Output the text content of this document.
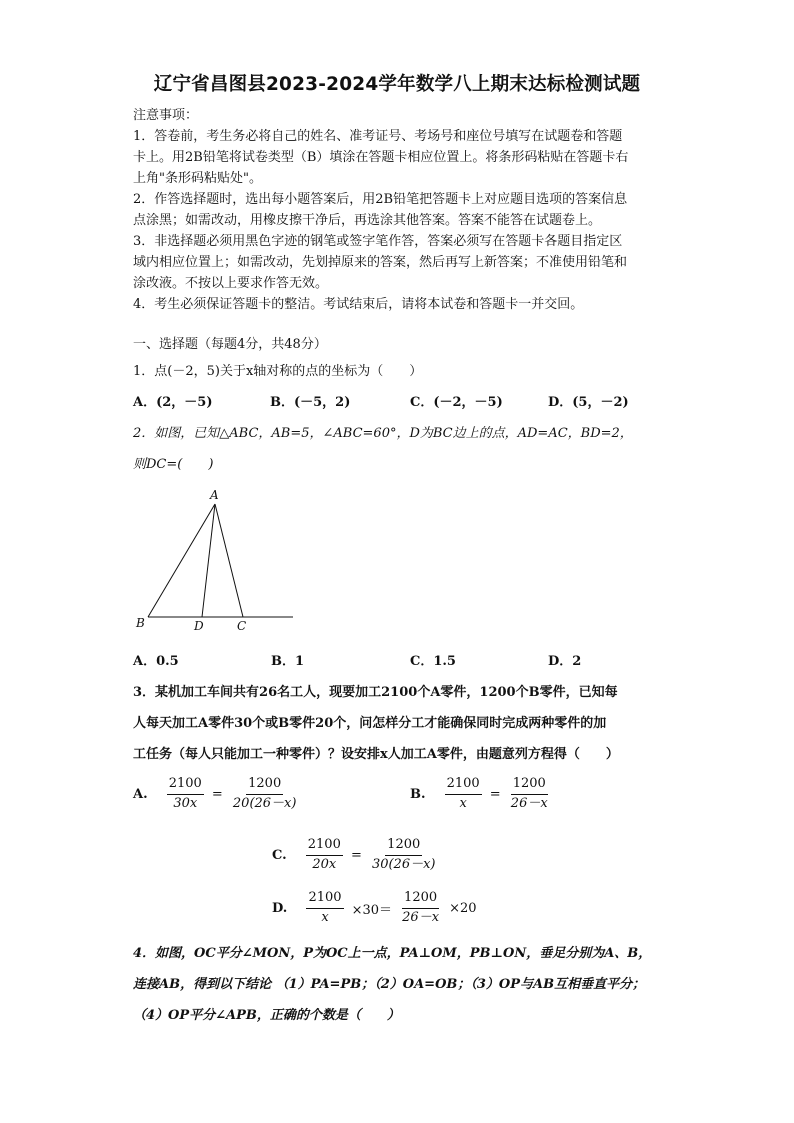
辽宁省昌图县2023-2024学年数学八上期末达标检测试题
注意事项：
1．答卷前，考生务必将自己的姓名、准考证号、考场号和座位号填写在试题卷和答题
卡上。用2B铅笔将试卷类型（B）填涂在答题卡相应位置上。将条形码粘贴在答题卡右
上角"条形码粘贴处"。
2．作答选择题时，选出每小题答案后，用2B铅笔把答题卡上对应题目选项的答案信息
点涂黑；如需改动，用橡皮擦干净后，再选涂其他答案。答案不能答在试题卷上。
3．非选择题必须用黑色字迹的钢笔或签字笔作答，答案必须写在答题卡各题目指定区
域内相应位置上；如需改动，先划掉原来的答案，然后再写上新答案；不准使用铅笔和
涂改液。不按以上要求作答无效。
4．考生必须保证答题卡的整洁。考试结束后，请将本试卷和答题卡一并交回。
一、选择题（每题4分，共48分）
1．点(－2，5)关于x轴对称的点的坐标为（　　）
A．(2，－5)	B．(－5，2)	C．(－2，－5)	D．(5，－2)
2．如图，已知△ABC，AB=5，∠ABC=60°，D为BC边上的点，AD=AC，BD=2，
则DC=(　　)
A
B	D	C
A．0.5	B．1	C．1.5	D．2
3．某机加工车间共有26名工人，现要加工2100个A零件，1200个B零件，已知每
人每天加工A零件30个或B零件20个，问怎样分工才能确保同时完成两种零件的加
工任务（每人只能加工一种零件）？设安排x人加工A零件，由题意列方程得（　　）
A. $\frac{2100}{30x} = \frac{1200}{20(26-x)}$	B. $\frac{2100}{x} = \frac{1200}{26-x}$
C. $\frac{2100}{20x} = \frac{1200}{30(26-x)}$
D. $\frac{2100}{x} \times 30= \frac{1200}{26-x} \times 20$
4．如图，OC平分∠MON，P为OC上一点，PA⊥OM，PB⊥ON，垂足分别为A、B，
连接AB，得到以下结论 （1）PA=PB；（2）OA=OB；（3）OP与AB互相垂直平分；
（4）OP平分∠APB，正确的个数是（　　）
